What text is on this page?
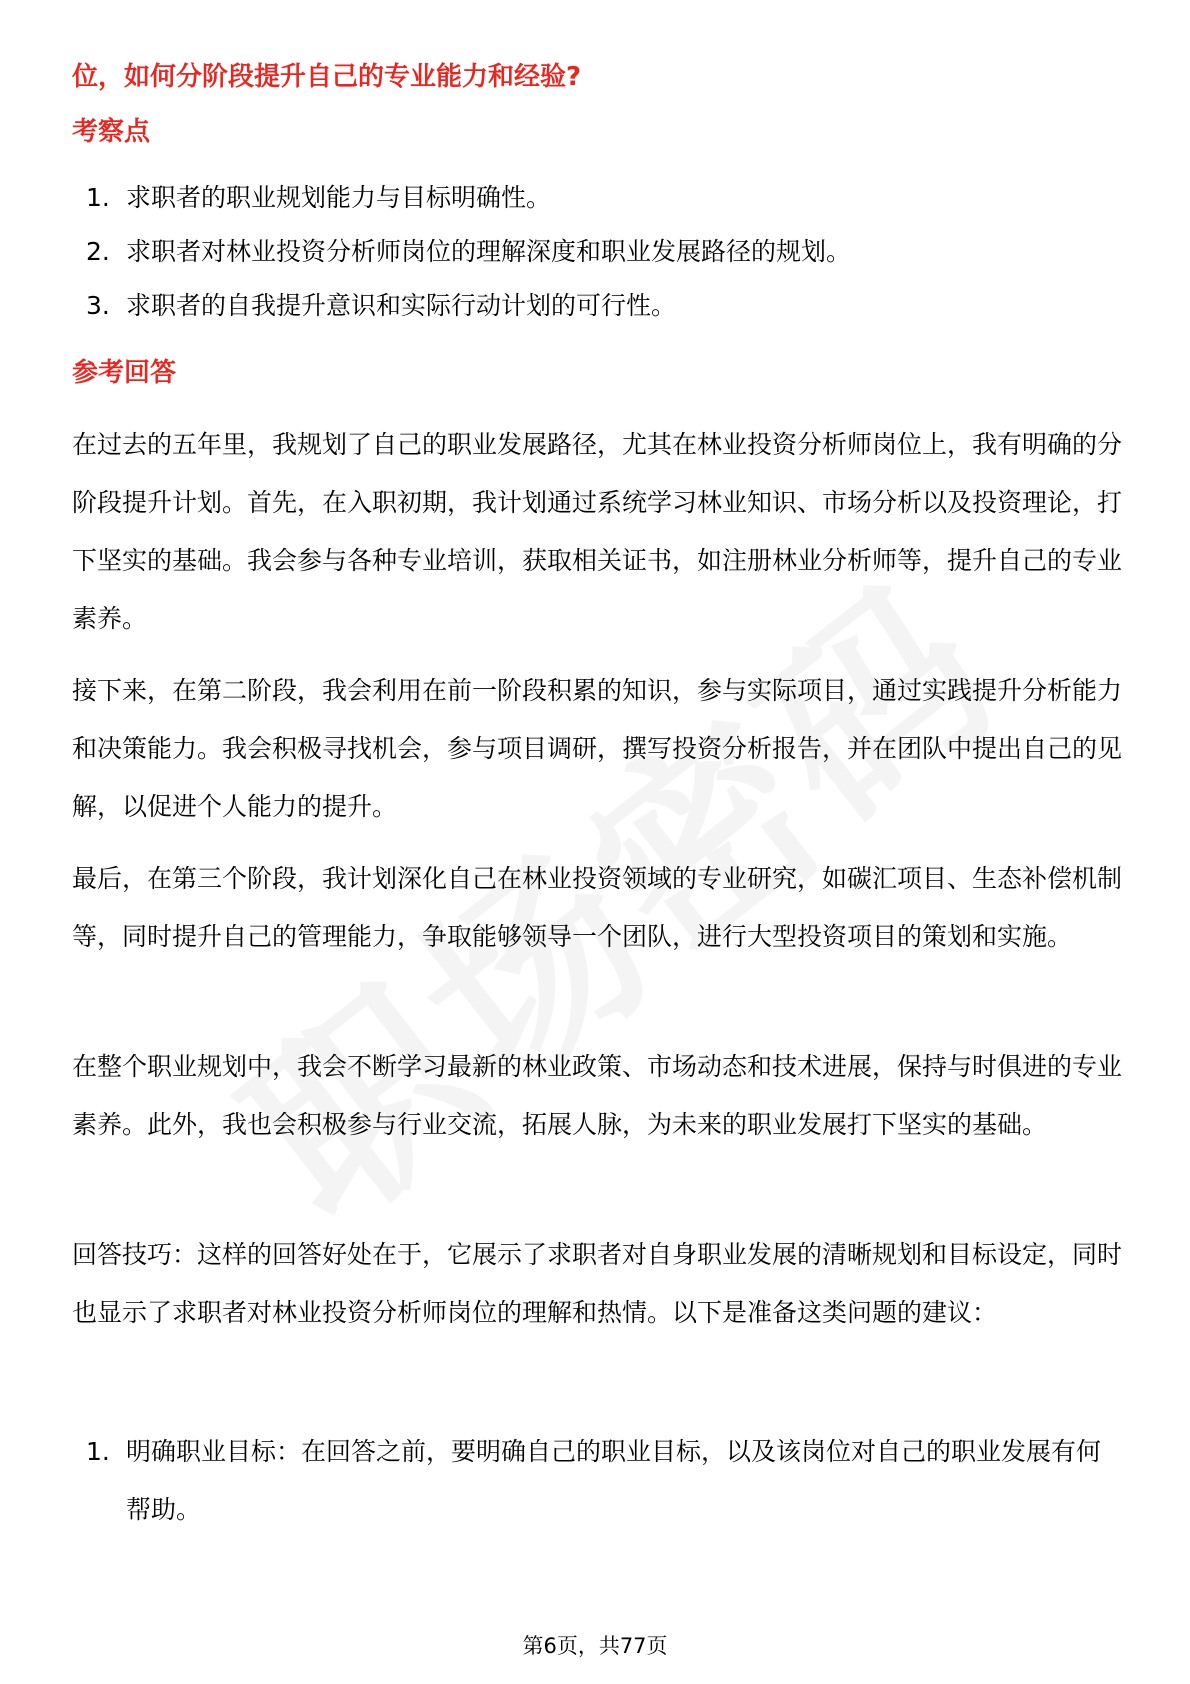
位，如何分阶段提升自己的专业能力和经验?
考察点
1. 求职者的职业规划能力与目标明确性。
2. 求职者对林业投资分析师岗位的理解深度和职业发展路径的规划。
3. 求职者的自我提升意识和实际行动计划的可行性。
参考回答

在过去的五年里，我规划了自己的职业发展路径，尤其在林业投资分析师岗位上，我有明确的分阶段提升计划。首先，在入职初期，我计划通过系统学习林业知识、市场分析以及投资理论，打下坚实的基础。我会参与各种专业培训，获取相关证书，如注册林业分析师等，提升自己的专业素养。

接下来，在第二阶段，我会利用在前一阶段积累的知识，参与实际项目，通过实践提升分析能力和决策能力。我会积极寻找机会，参与项目调研，撰写投资分析报告，并在团队中提出自己的见解，以促进个人能力的提升。

最后，在第三个阶段，我计划深化自己在林业投资领域的专业研究，如碳汇项目、生态补偿机制等，同时提升自己的管理能力，争取能够领导一个团队，进行大型投资项目的策划和实施。

在整个职业规划中，我会不断学习最新的林业政策、市场动态和技术进展，保持与时俱进的专业素养。此外，我也会积极参与行业交流，拓展人脉，为未来的职业发展打下坚实的基础。

回答技巧：这样的回答好处在于，它展示了求职者对自身职业发展的清晰规划和目标设定，同时也显示了求职者对林业投资分析师岗位的理解和热情。以下是准备这类问题的建议：

1. 明确职业目标：在回答之前，要明确自己的职业目标，以及该岗位对自己的职业发展有何帮助。
第6页，共77页
